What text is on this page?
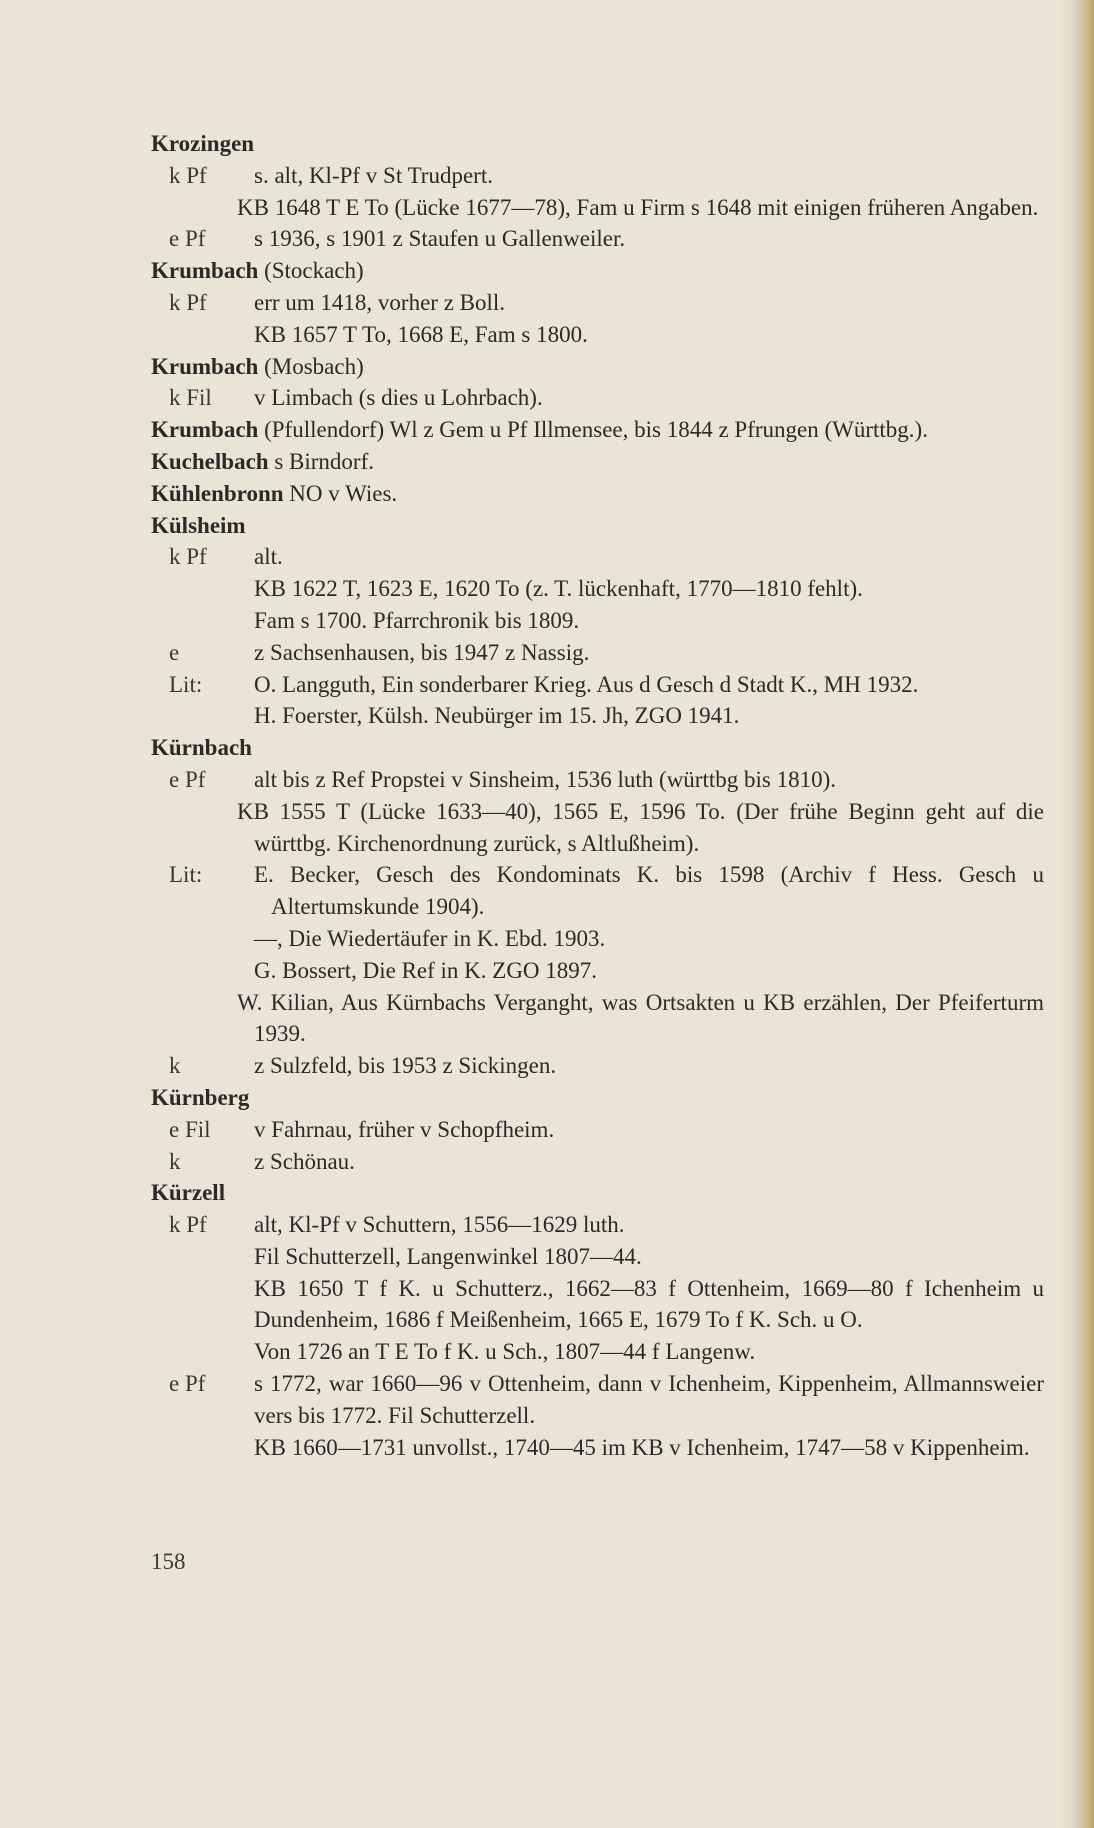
Krozingen
k Pf	s. alt, Kl-Pf v St Trudpert.
KB 1648 T E To (Lücke 1677—78), Fam u Firm s 1648 mit einigen früheren Angaben.
e Pf	s 1936, s 1901 z Staufen u Gallenweiler.
Krumbach (Stockach)
k Pf	err um 1418, vorher z Boll.
KB 1657 T To, 1668 E, Fam s 1800.
Krumbach (Mosbach)
k Fil	v Limbach (s dies u Lohrbach).
Krumbach (Pfullendorf) Wl z Gem u Pf Illmensee, bis 1844 z Pfrungen (Württbg.).
Kuchelbach s Birndorf.
Kühlenbronn NO v Wies.
Külsheim
k Pf	alt.
KB 1622 T, 1623 E, 1620 To (z. T. lückenhaft, 1770—1810 fehlt).
Fam s 1700. Pfarrchronik bis 1809.
e	z Sachsenhausen, bis 1947 z Nassig.
Lit:	O. Langguth, Ein sonderbarer Krieg. Aus d Gesch d Stadt K., MH 1932.
H. Foerster, Külsh. Neubürger im 15. Jh, ZGO 1941.
Kürnbach
e Pf	alt bis z Ref Propstei v Sinsheim, 1536 luth (württbg bis 1810).
KB 1555 T (Lücke 1633—40), 1565 E, 1596 To. (Der frühe Beginn geht auf die württbg. Kirchenordnung zurück, s Altlußheim).
Lit:	E. Becker, Gesch des Kondominats K. bis 1598 (Archiv f Hess. Gesch u Altertumskunde 1904).
—, Die Wiedertäufer in K. Ebd. 1903.
G. Bossert, Die Ref in K. ZGO 1897.
W. Kilian, Aus Kürnbachs Verganght, was Ortsakten u KB erzählen, Der Pfeiferturm 1939.
k	z Sulzfeld, bis 1953 z Sickingen.
Kürnberg
e Fil	v Fahrnau, früher v Schopfheim.
k	z Schönau.
Kürzell
k Pf	alt, Kl-Pf v Schuttern, 1556—1629 luth.
Fil Schutterzell, Langenwinkel 1807—44.
KB 1650 T f K. u Schutterz., 1662—83 f Ottenheim, 1669—80 f Ichenheim u Dundenheim, 1686 f Meißenheim, 1665 E, 1679 To f K. Sch. u O.
Von 1726 an T E To f K. u Sch., 1807—44 f Langenw.
e Pf	s 1772, war 1660—96 v Ottenheim, dann v Ichenheim, Kippenheim, Allmannsweier vers bis 1772. Fil Schutterzell.
KB 1660—1731 unvollst., 1740—45 im KB v Ichenheim, 1747—58 v Kippenheim.
158
